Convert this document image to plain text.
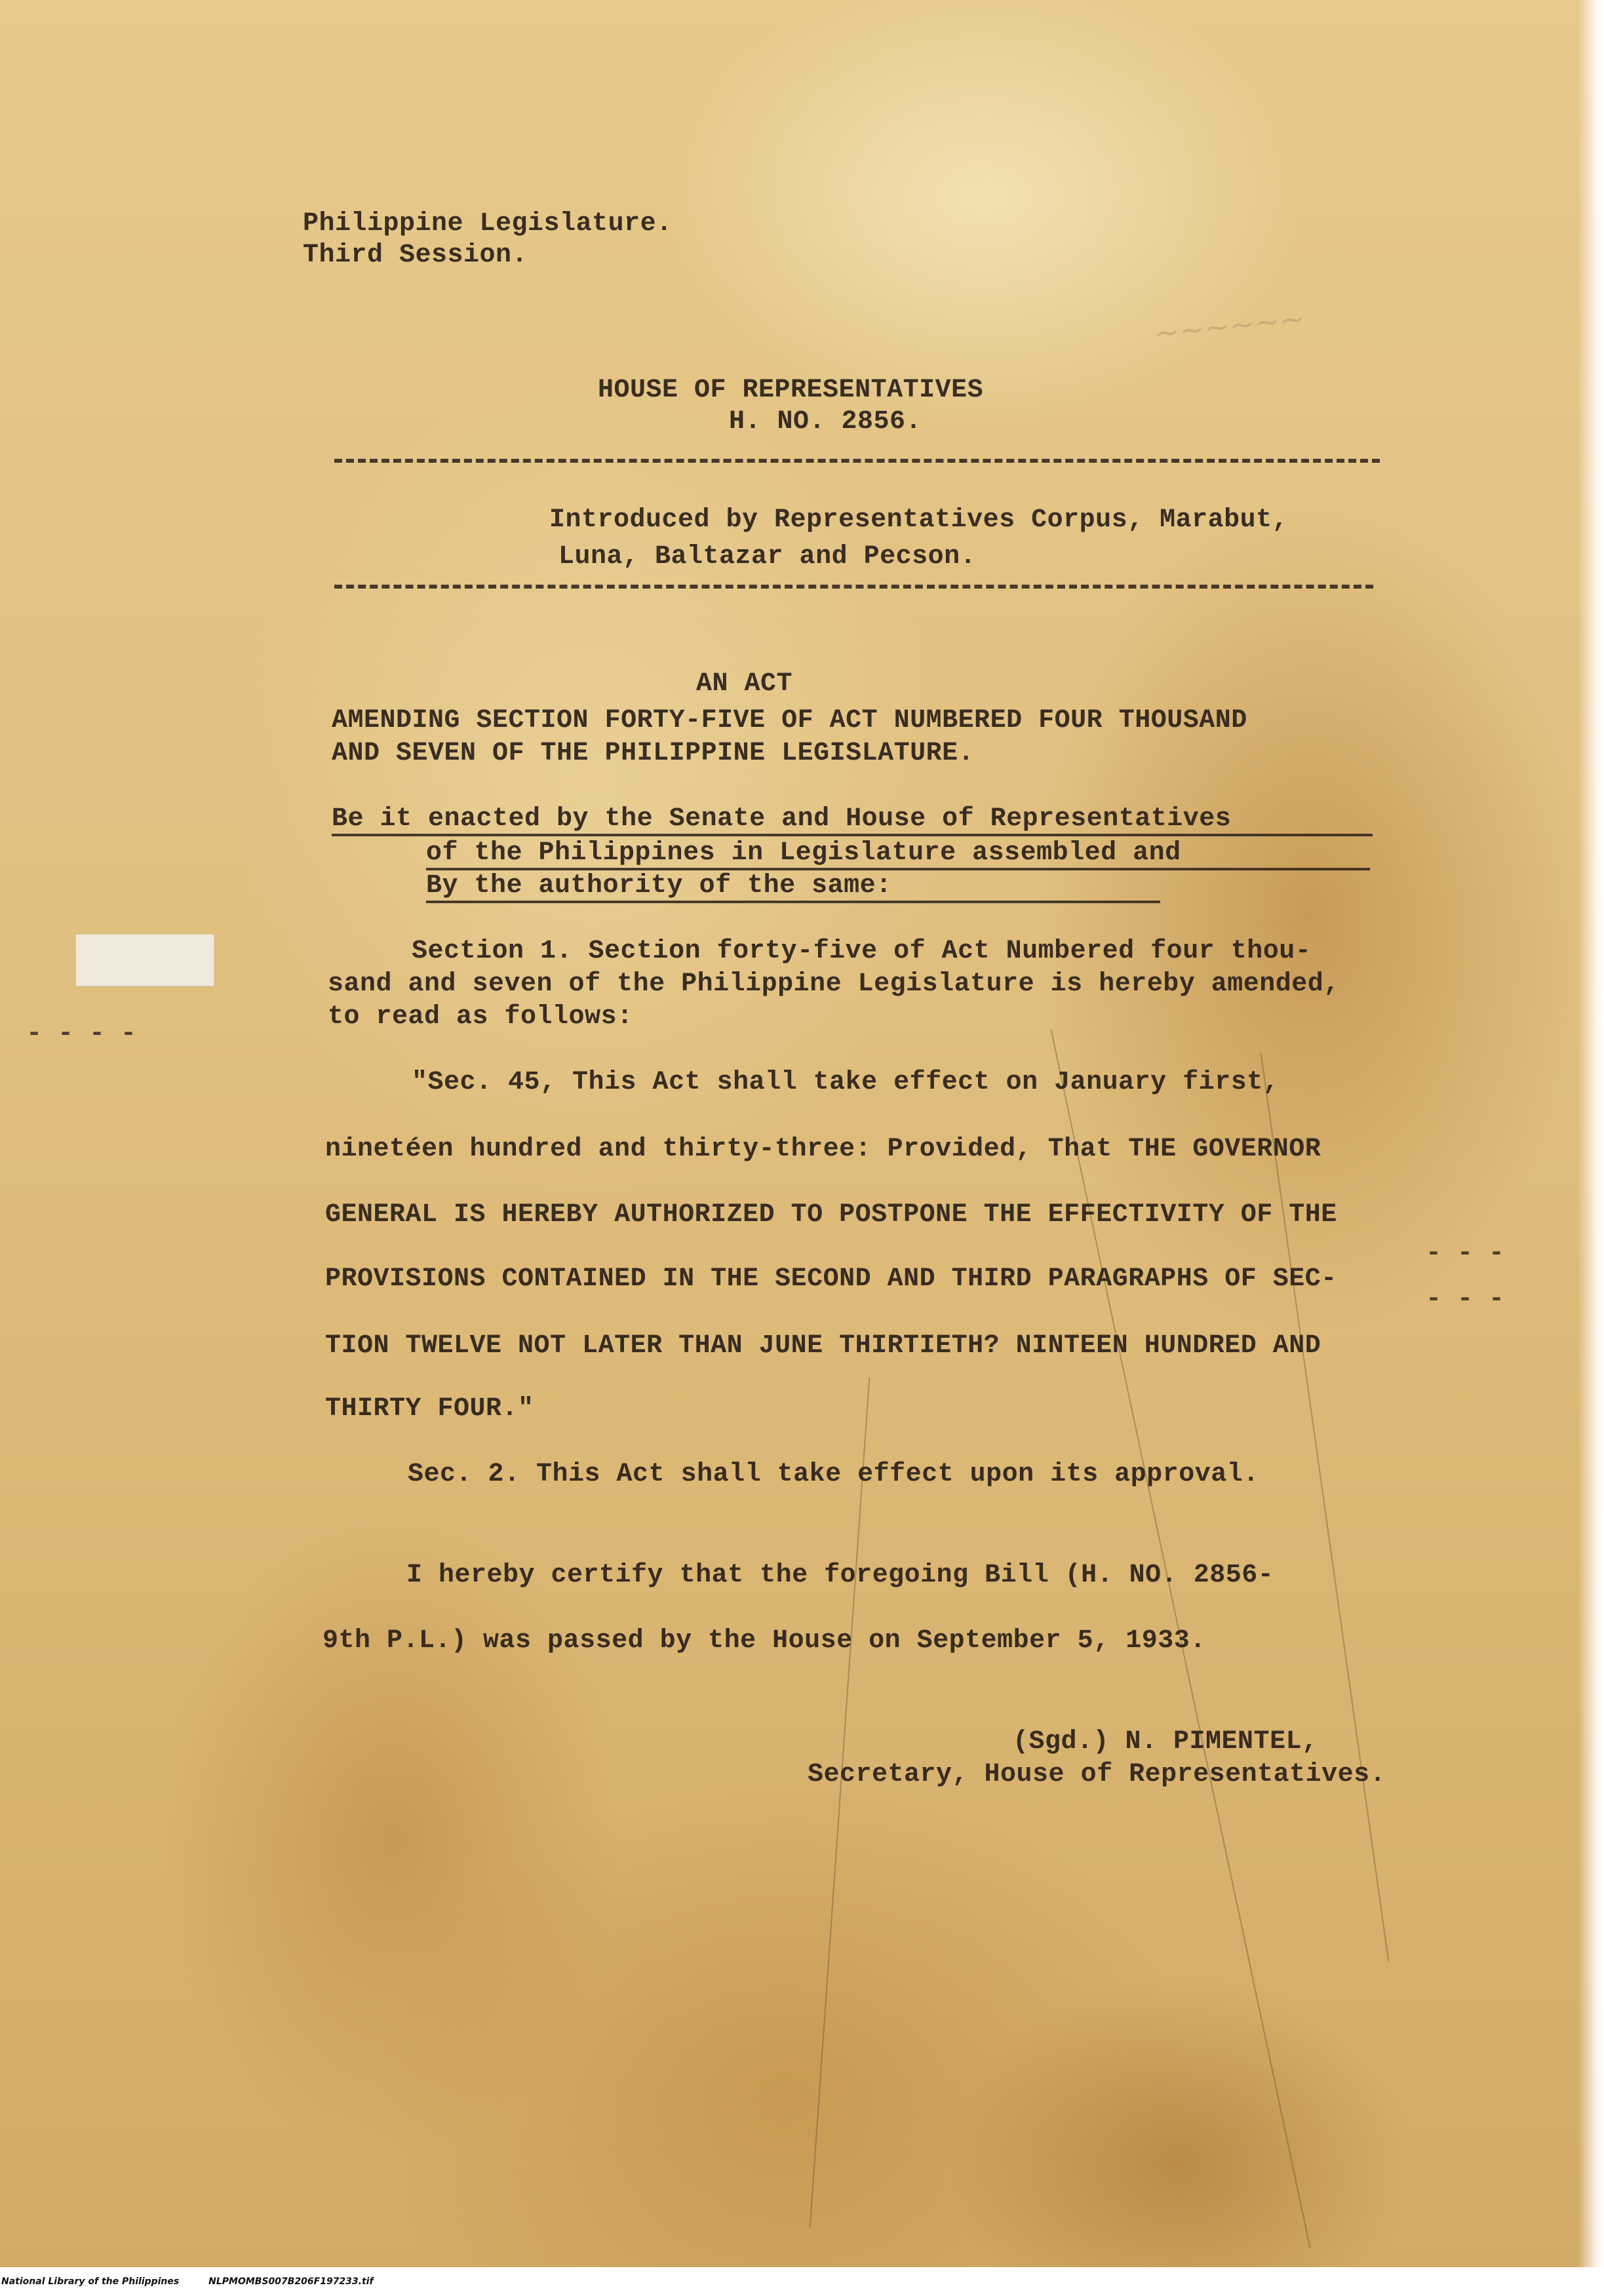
- - - -
- - -
- - -
~~~~~~
Philippine Legislature.
Third Session.
HOUSE OF REPRESENTATIVES
H. NO. 2856.
Introduced by Representatives Corpus, Marabut,
Luna, Baltazar and Pecson.
AN ACT
AMENDING SECTION FORTY-FIVE OF ACT NUMBERED FOUR THOUSAND
AND SEVEN OF THE PHILIPPINE LEGISLATURE.
Be it enacted by the Senate and House of Representatives
of the Philippines in Legislature assembled and
By the authority of the same:
Section 1. Section forty-five of Act Numbered four thou-
sand and seven of the Philippine Legislature is hereby amended,
to read as follows:
"Sec. 45, This Act shall take effect on January first,
ninetéen hundred and thirty-three: Provided, That THE GOVERNOR
GENERAL IS HEREBY AUTHORIZED TO POSTPONE THE EFFECTIVITY OF THE
PROVISIONS CONTAINED IN THE SECOND AND THIRD PARAGRAPHS OF SEC-
TION TWELVE NOT LATER THAN JUNE THIRTIETH? NINTEEN HUNDRED AND
THIRTY FOUR."
Sec. 2. This Act shall take effect upon its approval.
I hereby certify that the foregoing Bill (H. NO. 2856-
9th P.L.) was passed by the House on September 5, 1933.
(Sgd.) N. PIMENTEL,
Secretary, House of Representatives.
National Library of the Philippines	NLPMOMBS007B206F197233.tif
